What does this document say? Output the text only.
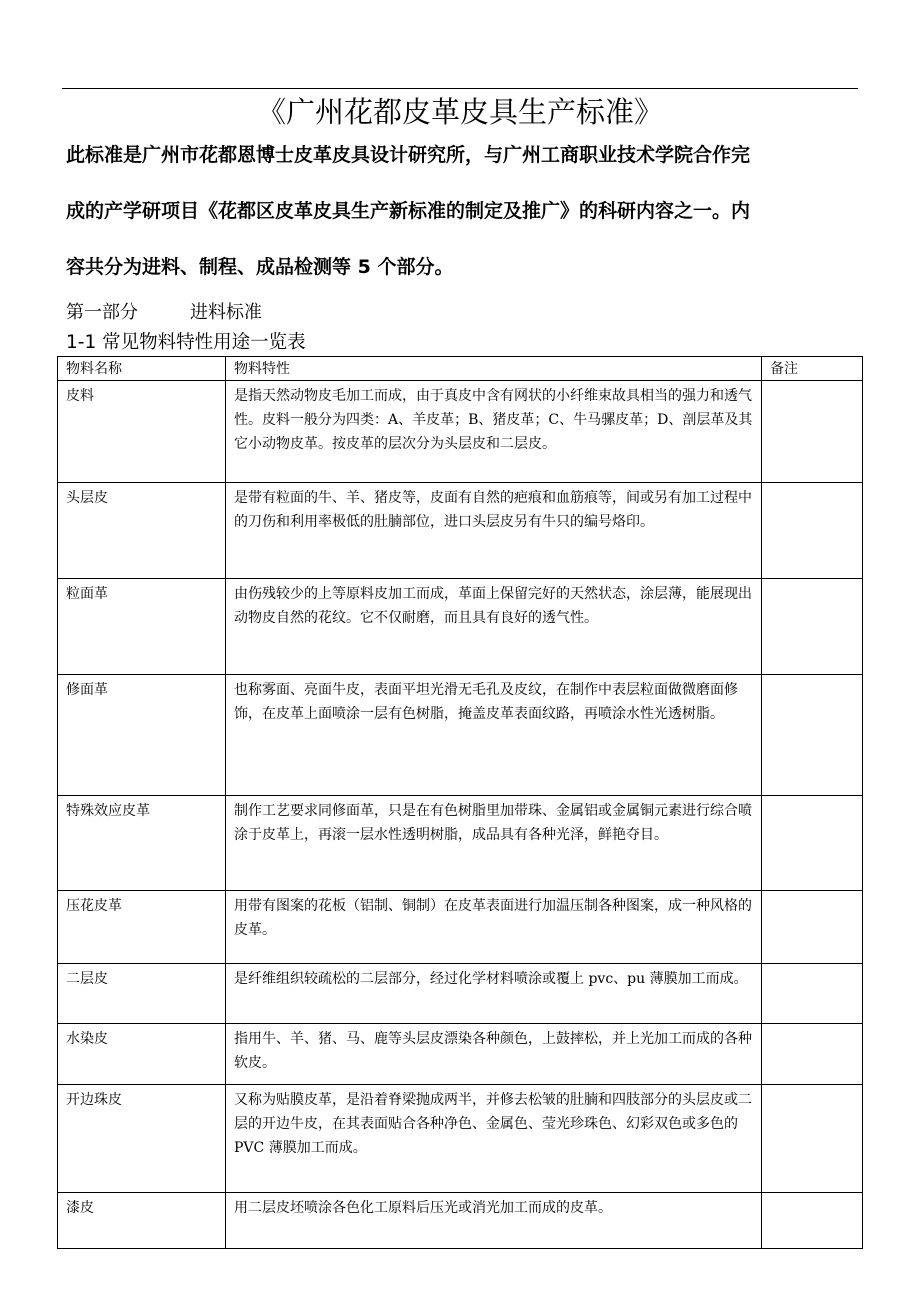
《广州花都皮革皮具生产标准》
此标准是广州市花都恩博士皮革皮具设计研究所，与广州工商职业技术学院合作完
成的产学研项目《花都区皮革皮具生产新标准的制定及推广》的科研内容之一。内
容共分为进料、制程、成品检测等 5 个部分。
第一部分	进料标准
1-1 常见物料特性用途一览表
物料名称	物料特性	备注
皮料	是指天然动物皮毛加工而成，由于真皮中含有网状的小纤维束故具相当的强力和透气性。皮料一般分为四类：A、羊皮革；B、猪皮革；C、牛马骡皮革；D、剖层革及其它小动物皮革。按皮革的层次分为头层皮和二层皮。	
头层皮	是带有粒面的牛、羊、猪皮等，皮面有自然的疤痕和血筋痕等，间或另有加工过程中的刀伤和利用率极低的肚腩部位，进口头层皮另有牛只的编号烙印。	
粒面革	由伤残较少的上等原料皮加工而成，革面上保留完好的天然状态，涂层薄，能展现出动物皮自然的花纹。它不仅耐磨，而且具有良好的透气性。	
修面革	也称雾面、亮面牛皮，表面平坦光滑无毛孔及皮纹，在制作中表层粒面做微磨面修饰，在皮革上面喷涂一层有色树脂，掩盖皮革表面纹路，再喷涂水性光透树脂。	
特殊效应皮革	制作工艺要求同修面革，只是在有色树脂里加带珠、金属铝或金属铜元素进行综合喷涂于皮革上，再滚一层水性透明树脂，成品具有各种光泽，鲜艳夺目。	
压花皮革	用带有图案的花板（铝制、铜制）在皮革表面进行加温压制各种图案，成一种风格的皮革。	
二层皮	是纤维组织较疏松的二层部分，经过化学材料喷涂或覆上 pvc、pu 薄膜加工而成。	
水染皮	指用牛、羊、猪、马、鹿等头层皮漂染各种颜色，上鼓摔松，并上光加工而成的各种软皮。	
开边珠皮	又称为贴膜皮革，是沿着脊梁抛成两半，并修去松皱的肚腩和四肢部分的头层皮或二层的开边牛皮，在其表面贴合各种净色、金属色、莹光珍珠色、幻彩双色或多色的 PVC 薄膜加工而成。	
漆皮	用二层皮坯喷涂各色化工原料后压光或消光加工而成的皮革。	
